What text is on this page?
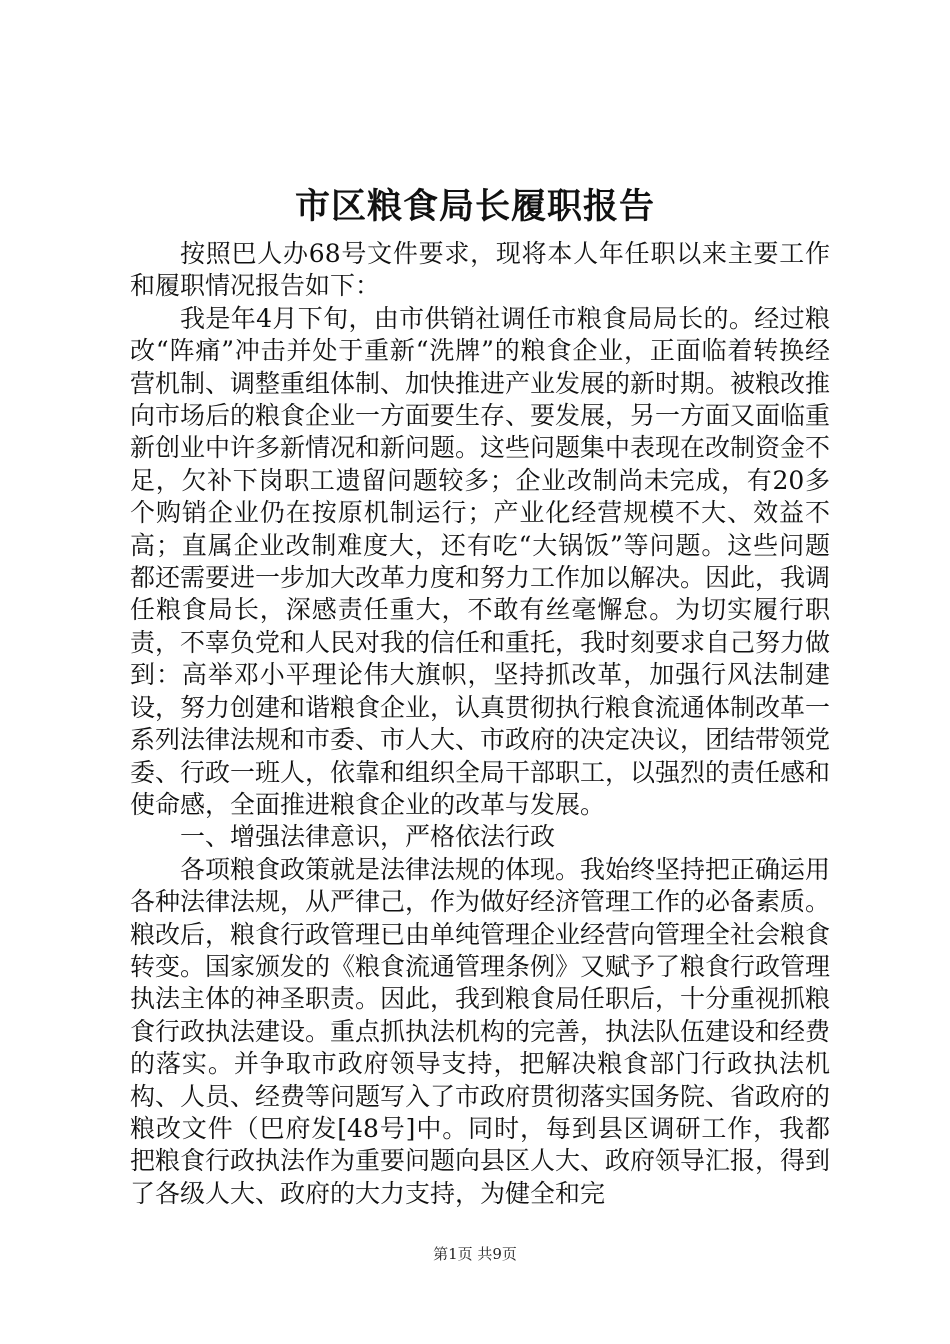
市区粮食局长履职报告

按照巴人办68号文件要求，现将本人年任职以来主要工作和履职情况报告如下：

我是年4月下旬，由市供销社调任市粮食局局长的。经过粮改“阵痛”冲击并处于重新“洗牌”的粮食企业，正面临着转换经营机制、调整重组体制、加快推进产业发展的新时期。被粮改推向市场后的粮食企业一方面要生存、要发展，另一方面又面临重新创业中许多新情况和新问题。这些问题集中表现在改制资金不足，欠补下岗职工遗留问题较多；企业改制尚未完成，有20多个购销企业仍在按原机制运行；产业化经营规模不大、效益不高；直属企业改制难度大，还有吃“大锅饭”等问题。这些问题都还需要进一步加大改革力度和努力工作加以解决。因此，我调任粮食局长，深感责任重大，不敢有丝毫懈怠。为切实履行职责，不辜负党和人民对我的信任和重托，我时刻要求自己努力做到：高举邓小平理论伟大旗帜，坚持抓改革，加强行风法制建设，努力创建和谐粮食企业，认真贯彻执行粮食流通体制改革一系列法律法规和市委、市人大、市政府的决定决议，团结带领党委、行政一班人，依靠和组织全局干部职工，以强烈的责任感和使命感，全面推进粮食企业的改革与发展。

一、增强法律意识，严格依法行政

各项粮食政策就是法律法规的体现。我始终坚持把正确运用各种法律法规，从严律己，作为做好经济管理工作的必备素质。粮改后，粮食行政管理已由单纯管理企业经营向管理全社会粮食转变。国家颁发的《粮食流通管理条例》又赋予了粮食行政管理执法主体的神圣职责。因此，我到粮食局任职后，十分重视抓粮食行政执法建设。重点抓执法机构的完善，执法队伍建设和经费的落实。并争取市政府领导支持，把解决粮食部门行政执法机构、人员、经费等问题写入了市政府贯彻落实国务院、省政府的粮改文件（巴府发[48号]中。同时，每到县区调研工作，我都把粮食行政执法作为重要问题向县区人大、政府领导汇报，得到了各级人大、政府的大力支持，为健全和完

第1页 共9页
